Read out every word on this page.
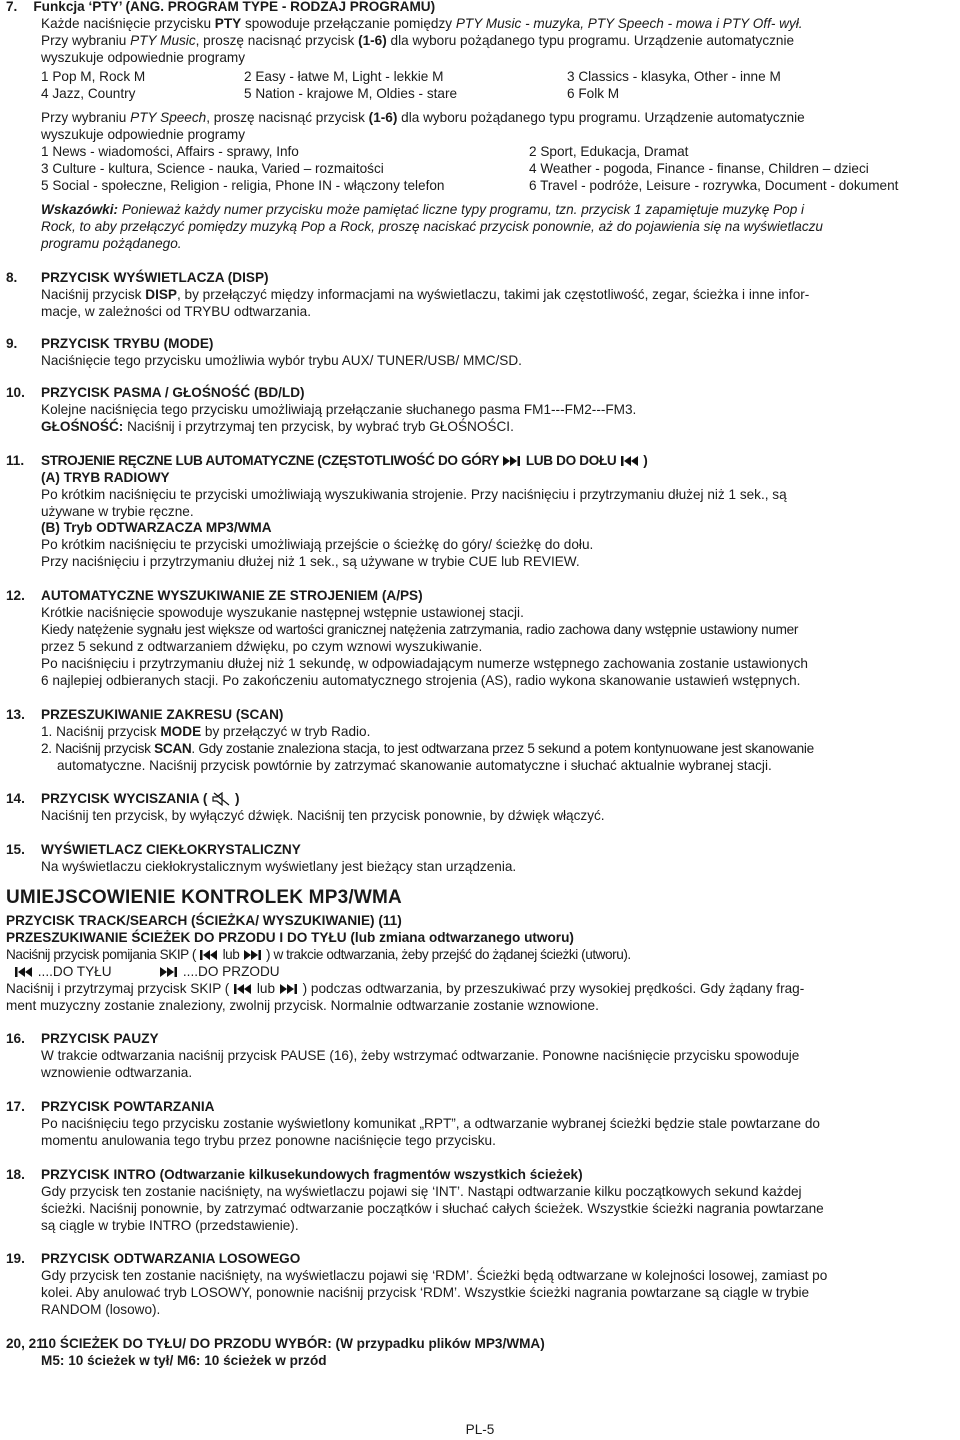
7. Funkcja ‘PTY’ (ANG. PROGRAM TYPE - RODZAJ PROGRAMU)
Każde naciśnięcie przycisku PTY spowoduje przełączanie pomiędzy PTY Music - muzyka, PTY Speech - mowa i PTY Off- wył.
Przy wybraniu PTY Music, proszę nacisnąć przycisk (1-6) dla wyboru pożądanego typu programu. Urządzenie automatycznie
wyszukuje odpowiednie programy
1 Pop M, Rock M	2 Easy - łatwe M, Light - lekkie M	3 Classics - klasyka, Other - inne M
4 Jazz, Country	5 Nation - krajowe M, Oldies - stare	6 Folk M
Przy wybraniu PTY Speech, proszę nacisnąć przycisk (1-6) dla wyboru pożądanego typu programu. Urządzenie automatycznie
wyszukuje odpowiednie programy
1 News - wiadomości, Affairs - sprawy, Info	2 Sport, Edukacja, Dramat
3 Culture - kultura, Science - nauka, Varied – rozmaitości	4 Weather - pogoda, Finance - finanse, Children – dzieci
5 Social - społeczne, Religion - religia, Phone IN - włączony telefon	6 Travel - podróże, Leisure - rozrywka, Document - dokument
Wskazówki: Ponieważ każdy numer przycisku może pamiętać liczne typy programu, tzn. przycisk 1 zapamiętuje muzykę Pop i
Rock, to aby przełączyć pomiędzy muzyką Pop a Rock, proszę naciskać przycisk ponownie, aż do pojawienia się na wyświetlaczu
programu pożądanego.
8. PRZYCISK WYŚWIETLACZA (DISP)
Naciśnij przycisk DISP, by przełączyć między informacjami na wyświetlaczu, takimi jak częstotliwość, zegar, ścieżka i inne infor-
macje, w zależności od TRYBU odtwarzania.
9. PRZYCISK TRYBU (MODE)
Naciśnięcie tego przycisku umożliwia wybór trybu AUX/ TUNER/USB/ MMC/SD.
10. PRZYCISK PASMA / GŁOŚNOŚĆ (BD/LD)
Kolejne naciśnięcia tego przycisku umożliwiają przełączanie słuchanego pasma FM1---FM2---FM3.
GŁOŚNOŚĆ: Naciśnij i przytrzymaj ten przycisk, by wybrać tryb GŁOŚNOŚCI.
11. STROJENIE RĘCZNE LUB AUTOMATYCZNE (CZĘSTOTLIWOŚĆ DO GÓRY LUB DO DOŁU )
(A) TRYB RADIOWY
Po krótkim naciśnięciu te przyciski umożliwiają wyszukiwania strojenie. Przy naciśnięciu i przytrzymaniu dłużej niż 1 sek., są
używane w trybie ręczne.
(B) Tryb ODTWARZACZA MP3/WMA
Po krótkim naciśnięciu te przyciski umożliwiają przejście o ścieżkę do góry/ ścieżkę do dołu.
Przy naciśnięciu i przytrzymaniu dłużej niż 1 sek., są używane w trybie CUE lub REVIEW.
12. AUTOMATYCZNE WYSZUKIWANIE ZE STROJENIEM (A/PS)
Krótkie naciśnięcie spowoduje wyszukanie następnej wstępnie ustawionej stacji.
Kiedy natężenie sygnału jest większe od wartości granicznej natężenia zatrzymania, radio zachowa dany wstępnie ustawiony numer
przez 5 sekund z odtwarzaniem dźwięku, po czym wznowi wyszukiwanie.
Po naciśnięciu i przytrzymaniu dłużej niż 1 sekundę, w odpowiadającym numerze wstępnego zachowania zostanie ustawionych
6 najlepiej odbieranych stacji. Po zakończeniu automatycznego strojenia (AS), radio wykona skanowanie ustawień wstępnych.
13. PRZESZUKIWANIE ZAKRESU (SCAN)
1. Naciśnij przycisk MODE by przełączyć w tryb Radio.
2. Naciśnij przycisk SCAN. Gdy zostanie znaleziona stacja, to jest odtwarzana przez 5 sekund a potem kontynuowane jest skanowanie
automatyczne. Naciśnij przycisk powtórnie by zatrzymać skanowanie automatyczne i słuchać aktualnie wybranej stacji.
14. PRZYCISK WYCISZANIA ( )
Naciśnij ten przycisk, by wyłączyć dźwięk. Naciśnij ten przycisk ponownie, by dźwięk włączyć.
15. WYŚWIETLACZ CIEKŁOKRYSTALICZNY
Na wyświetlaczu ciekłokrystalicznym wyświetlany jest bieżący stan urządzenia.
UMIEJSCOWIENIE KONTROLEK MP3/WMA
PRZYCISK TRACK/SEARCH (ŚCIEŻKA/ WYSZUKIWANIE) (11)
PRZESZUKIWANIE ŚCIEŻEK DO PRZODU I DO TYŁU (lub zmiana odtwarzanego utworu)
Naciśnij przycisk pomijania SKIP ( lub ) w trakcie odtwarzania, żeby przejść do żądanej ścieżki (utworu).
....DO TYŁU	....DO PRZODU
Naciśnij i przytrzymaj przycisk SKIP ( lub ) podczas odtwarzania, by przeszukiwać przy wysokiej prędkości. Gdy żądany frag-
ment muzyczny zostanie znaleziony, zwolnij przycisk. Normalnie odtwarzanie zostanie wznowione.
16. PRZYCISK PAUZY
W trakcie odtwarzania naciśnij przycisk PAUSE (16), żeby wstrzymać odtwarzanie. Ponowne naciśnięcie przycisku spowoduje
wznowienie odtwarzania.
17. PRZYCISK POWTARZANIA
Po naciśnięciu tego przycisku zostanie wyświetlony komunikat „RPT”, a odtwarzanie wybranej ścieżki będzie stale powtarzane do
momentu anulowania tego trybu przez ponowne naciśnięcie tego przycisku.
18. PRZYCISK INTRO (Odtwarzanie kilkusekundowych fragmentów wszystkich ścieżek)
Gdy przycisk ten zostanie naciśnięty, na wyświetlaczu pojawi się ‘INT’. Nastąpi odtwarzanie kilku początkowych sekund każdej
ścieżki. Naciśnij ponownie, by zatrzymać odtwarzanie początków i słuchać całych ścieżek. Wszystkie ścieżki nagrania powtarzane
są ciągle w trybie INTRO (przedstawienie).
19. PRZYCISK ODTWARZANIA LOSOWEGO
Gdy przycisk ten zostanie naciśnięty, na wyświetlaczu pojawi się ‘RDM’. Ścieżki będą odtwarzane w kolejności losowej, zamiast po
kolei. Aby anulować tryb LOSOWY, ponownie naciśnij przycisk ‘RDM’. Wszystkie ścieżki nagrania powtarzane są ciągle w trybie
RANDOM (losowo).
20, 21.
10 ŚCIEŻEK DO TYŁU/ DO PRZODU WYBÓR: (W przypadku plików MP3/WMA)
M5: 10 ścieżek w tył/ M6: 10 ścieżek w przód
PL-5
